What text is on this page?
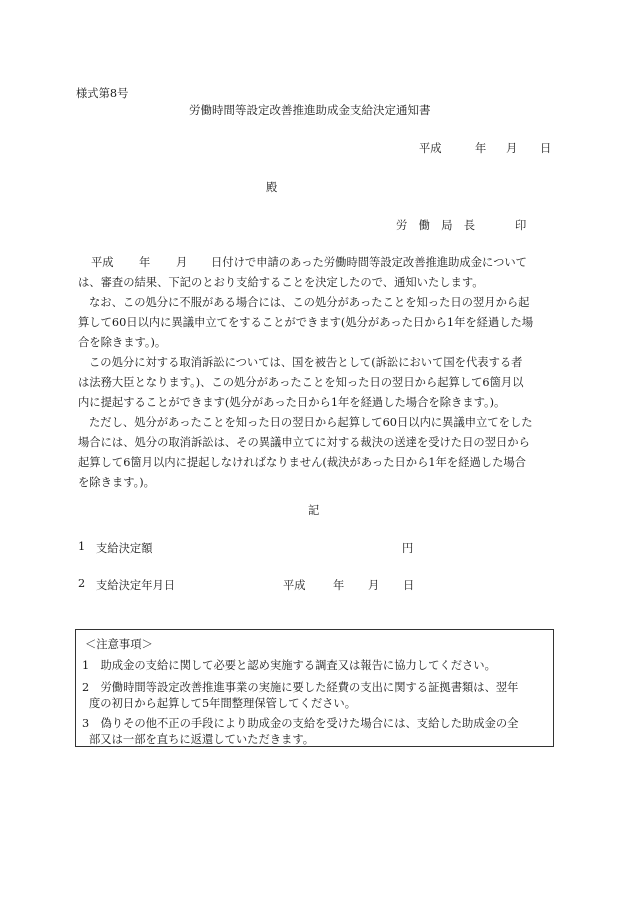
様式第8号
労働時間等設定改善推進助成金支給決定通知書
平成	年 月 日
殿
労　働　局　長	印
平成 年 月 日付けで申請のあった労働時間等設定改善推進助成金について
は、審査の結果、下記のとおり支給することを決定したので、通知いたします。
なお、この処分に不服がある場合には、この処分があったことを知った日の翌月から起
算して60日以内に異議申立てをすることができます(処分があった日から1年を経過した場
合を除きます。)。
この処分に対する取消訴訟については、国を被告として(訴訟において国を代表する者
は法務大臣となります。)、この処分があったことを知った日の翌日から起算して6箇月以
内に提起することができます(処分があった日から1年を経過した場合を除きます。)。
ただし、処分があったことを知った日の翌日から起算して60日以内に異議申立てをした
場合には、処分の取消訴訟は、その異議申立てに対する裁決の送達を受けた日の翌日から
起算して6箇月以内に提起しなければなりません(裁決があった日から1年を経過した場合
を除きます。)。
記
1 支給決定額	円
2 支給決定年月日	平成 年 月 日
＜注意事項＞
1　助成金の支給に関して必要と認め実施する調査又は報告に協力してください。
2　労働時間等設定改善推進事業の実施に要した経費の支出に関する証拠書類は、翌年
度の初日から起算して5年間整理保管してください。
3　偽りその他不正の手段により助成金の支給を受けた場合には、支給した助成金の全
部又は一部を直ちに返還していただきます。
